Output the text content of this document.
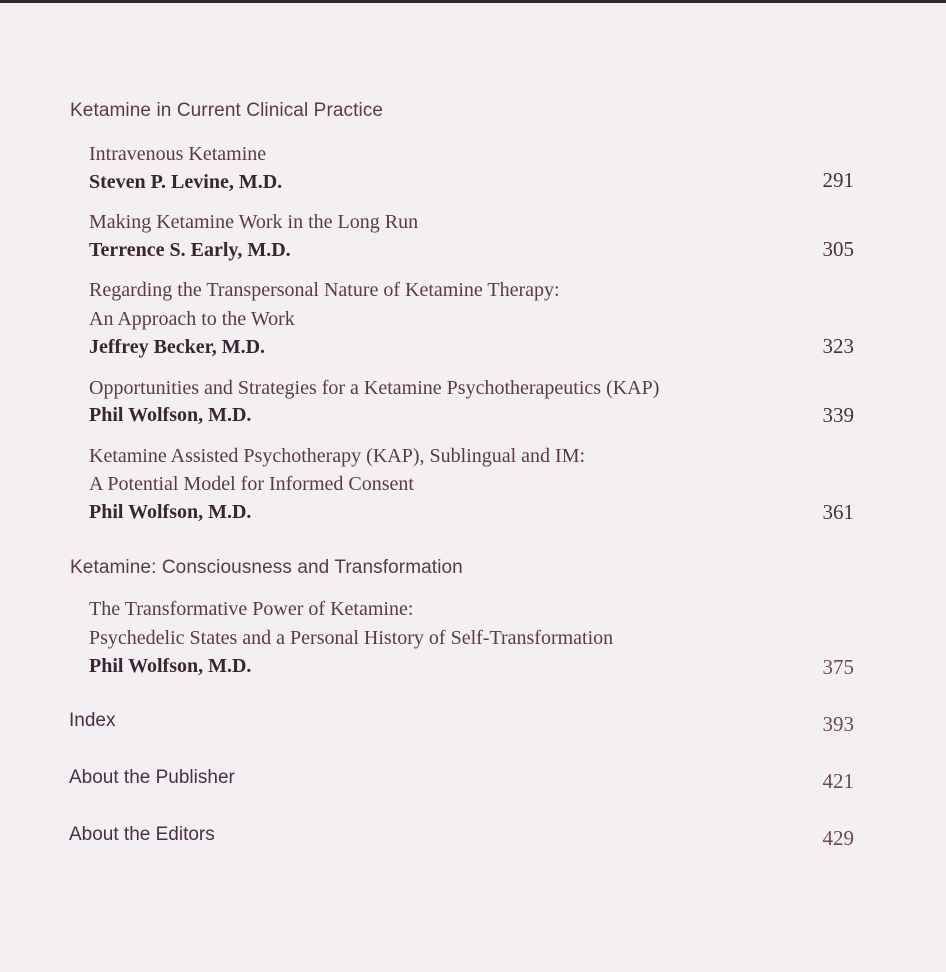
Ketamine in Current Clinical Practice
Intravenous Ketamine
Steven P. Levine, M.D.	291
Making Ketamine Work in the Long Run
Terrence S. Early, M.D.	305
Regarding the Transpersonal Nature of Ketamine Therapy:
An Approach to the Work
Jeffrey Becker, M.D.	323
Opportunities and Strategies for a Ketamine Psychotherapeutics (KAP)
Phil Wolfson, M.D.	339
Ketamine Assisted Psychotherapy (KAP), Sublingual and IM:
A Potential Model for Informed Consent
Phil Wolfson, M.D.	361
Ketamine: Consciousness and Transformation
The Transformative Power of Ketamine:
Psychedelic States and a Personal History of Self-Transformation
Phil Wolfson, M.D.	375
Index	393
About the Publisher	421
About the Editors	429
